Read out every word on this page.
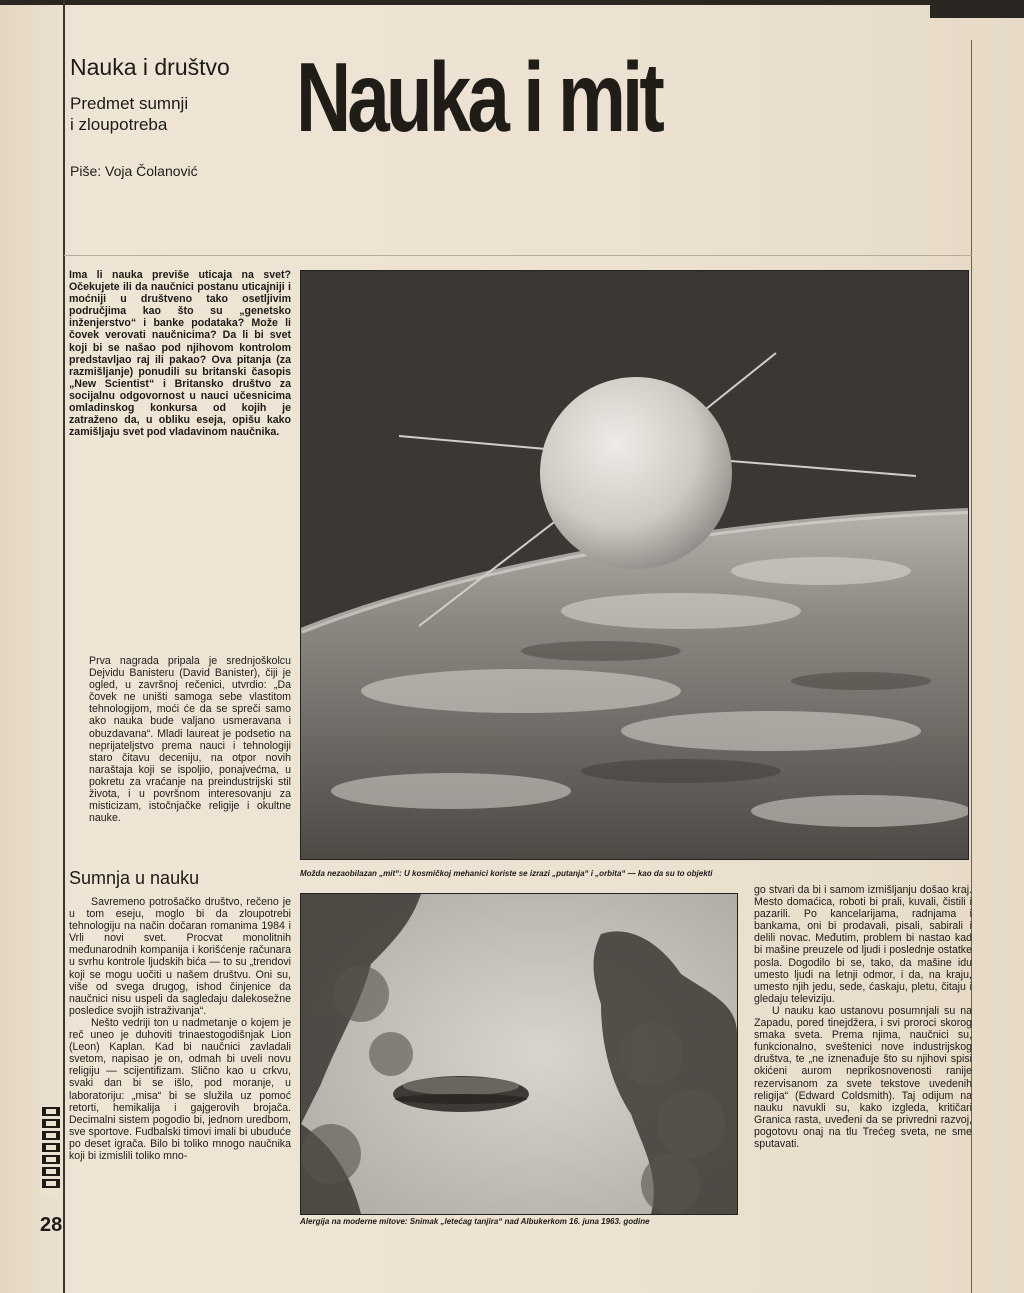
Nauka i društvo
Predmet sumnji
i zloupotreba
Piše: Voja Čolanović
Nauka i mit

Ima li nauka previše uticaja na svet? Očekujete ili da naučnici postanu uticajniji i moćniji u društveno tako osetljivim područjima kao što su „genetsko inženjerstvo“ i banke podataka? Može li čovek verovati naučnicima? Da li bi svet koji bi se našao pod njihovom kontrolom predstavljao raj ili pakao? Ova pitanja (za razmišljanje) ponudili su britanski časopis „New Scientist“ i Britansko društvo za socijalnu odgovornost u nauci učesnicima omladinskog konkursa od kojih je zatraženo da, u obliku eseja, opišu kako zamišljaju svet pod vladavinom naučnika.

Prva nagrada pripala je srednjoškolcu Dejvidu Banisteru (David Banister), čiji je ogled, u završnoj rečenici, utvrdio: „Da čovek ne uništi samoga sebe vlastitom tehnologijom, moći će da se spreči samo ako nauka bude valjano usmeravana i obuzdavana“. Mladi laureat je podsetio na neprijateljstvo prema nauci i tehnologiji staro čitavu deceniju, na otpor novih naraštaja koji se ispoljio, ponajvećma, u pokretu za vraćanje na preindustrijski stil života, i u površnom interesovanju za misticizam, istočnjačke religije i okultne nauke.

Sumnja u nauku

Savremeno potrošačko društvo, rečeno je u tom eseju, moglo bi da zloupotrebi tehnologiju na način dočaran romanima 1984 i Vrli novi svet. Procvat monolitnih međunarodnih kompanija i korišćenje računara u svrhu kontrole ljudskih bića — to su „trendovi koji se mogu uočiti u našem društvu. Oni su, više od svega drugog, ishod činjenice da naučnici nisu uspeli da sagledaju dalekosežne posledice svojih istraživanja“.

Nešto vedriji ton u nadmetanje o kojem je reč uneo je duhoviti trinaestogodišnjak Lion (Leon) Kaplan. Kad bi naučnici zavladali svetom, napisao je on, odmah bi uveli novu religiju — scijentifizam. Slično kao u crkvu, svaki dan bi se išlo, pod moranje, u laboratoriju: „misa“ bi se služila uz pomoć retorti, hemikalija i gajgerovih brojača. Decimalni sistem pogodio bi, jednom uredbom, sve sportove. Fudbalski timovi imali bi ubuduće po deset igrača. Bilo bi toliko mnogo naučnika koji bi izmislili toliko mno-

go stvari da bi i samom izmišljanju došao kraj. Mesto domaćica, roboti bi prali, kuvali, čistili i pazarili. Po kancelarijama, radnjama i bankama, oni bi prodavali, pisali, sabirali i delili novac. Međutim, problem bi nastao kad bi mašine preuzele od ljudi i poslednje ostatke posla. Dogodilo bi se, tako, da mašine idu umesto ljudi na letnji odmor, i da, na kraju, umesto njih jedu, sede, ćaskaju, pletu, čitaju i gledaju televiziju.

U nauku kao ustanovu posumnjali su na Zapadu, pored tinejdžera, i svi proroci skorog smaka sveta. Prema njima, naučnici su, funkcionalno, sveštenici nove industrijskog društva, te „ne iznenađuje što su njihovi spisi okićeni aurom neprikosnovenosti ranije rezervisanom za svete tekstove uvedenih religija“ (Edward Coldsmith). Taj odijum na nauku navukli su, kako izgleda, kritičari Granica rasta, uveđeni da se privredni razvoj, pogotovu onaj na tlu Trećeg sveta, ne sme sputavati.

Možda nezaobilazan „mit“: U kosmičkoj mehanici koriste se izrazi „putanja“ i „orbita“ — kao da su to objekti
Alergija na moderne mitove: Snimak „letećag tanjira“ nad Albukerkom 16. juna 1963. godine
28
